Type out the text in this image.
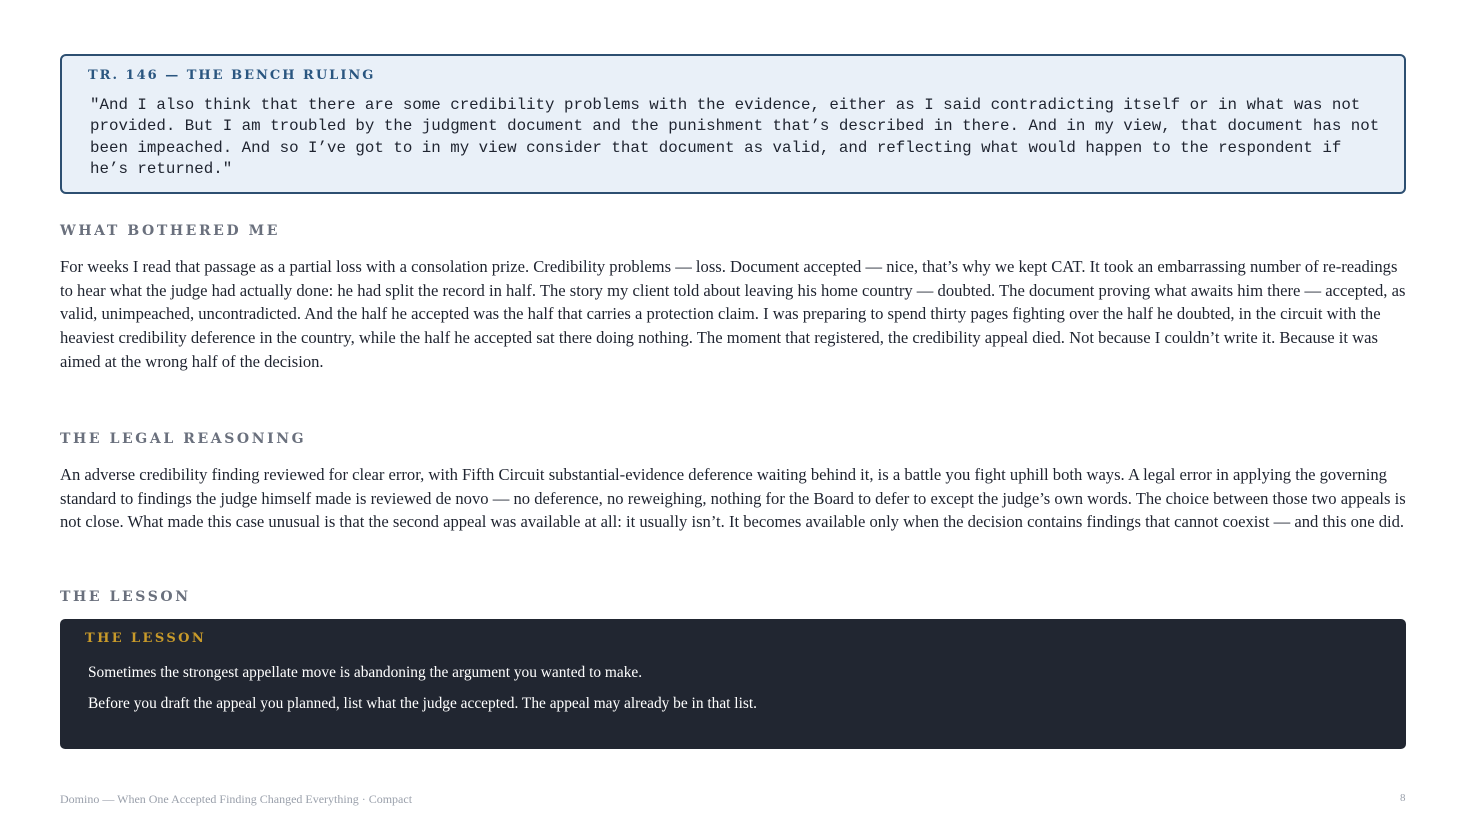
TR. 146 — THE BENCH RULING
"And I also think that there are some credibility problems with the evidence, either as I said contradicting itself or in what was not provided. But I am troubled by the judgment document and the punishment that’s described in there. And in my view, that document has not been impeached. And so I’ve got to in my view consider that document as valid, and reflecting what would happen to the respondent if he’s returned."
WHAT BOTHERED ME
For weeks I read that passage as a partial loss with a consolation prize. Credibility problems — loss. Document accepted — nice, that’s why we kept CAT. It took an embarrassing number of re-readings to hear what the judge had actually done: he had split the record in half. The story my client told about leaving his home country — doubted. The document proving what awaits him there — accepted, as valid, unimpeached, uncontradicted. And the half he accepted was the half that carries a protection claim. I was preparing to spend thirty pages fighting over the half he doubted, in the circuit with the heaviest credibility deference in the country, while the half he accepted sat there doing nothing. The moment that registered, the credibility appeal died. Not because I couldn’t write it. Because it was aimed at the wrong half of the decision.
THE LEGAL REASONING
An adverse credibility finding reviewed for clear error, with Fifth Circuit substantial-evidence deference waiting behind it, is a battle you fight uphill both ways. A legal error in applying the governing standard to findings the judge himself made is reviewed de novo — no deference, no reweighing, nothing for the Board to defer to except the judge’s own words. The choice between those two appeals is not close. What made this case unusual is that the second appeal was available at all: it usually isn’t. It becomes available only when the decision contains findings that cannot coexist — and this one did.
THE LESSON
THE LESSON
Sometimes the strongest appellate move is abandoning the argument you wanted to make.
Before you draft the appeal you planned, list what the judge accepted. The appeal may already be in that list.
Domino — When One Accepted Finding Changed Everything · Compact	8
